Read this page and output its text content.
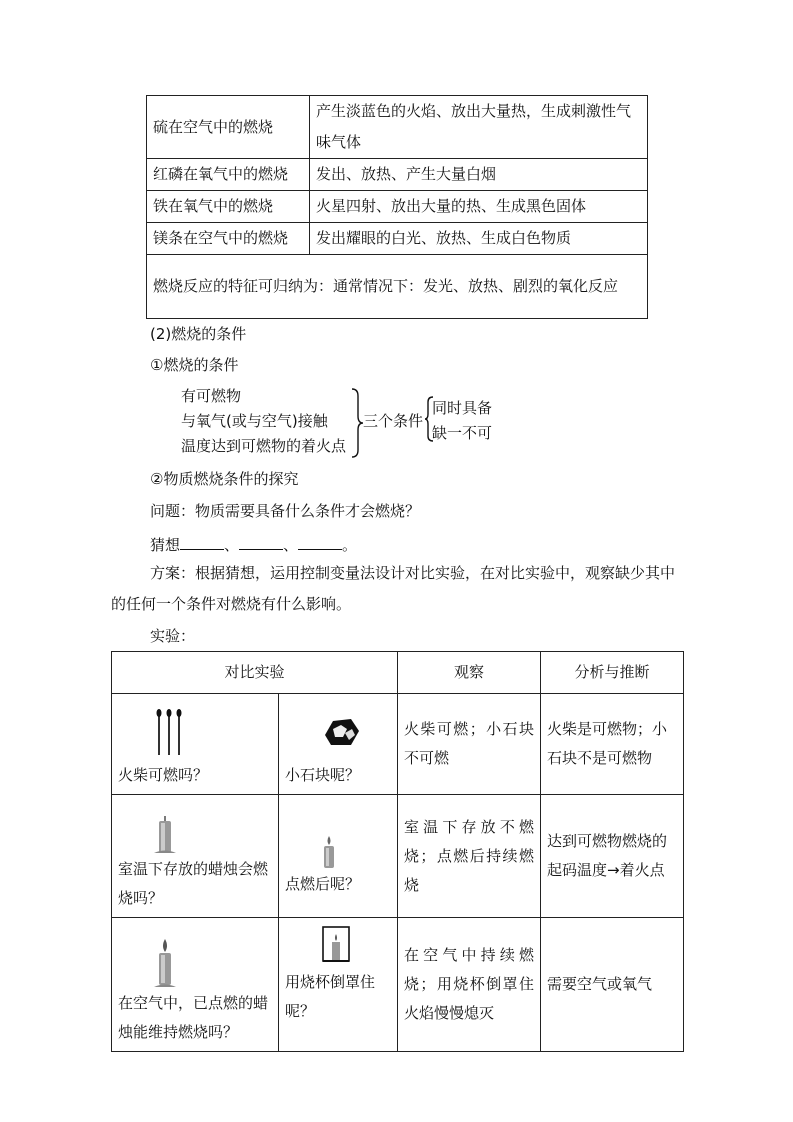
硫在空气中的燃烧	产生淡蓝色的火焰、放出大量热，生成刺激性气味气体
红磷在氧气中的燃烧	发出、放热、产生大量白烟
铁在氧气中的燃烧	火星四射、放出大量的热、生成黑色固体
镁条在空气中的燃烧	发出耀眼的白光、放热、生成白色物质
燃烧反应的特征可归纳为：通常情况下：发光、放热、剧烈的氧化反应	
(2)燃烧的条件
①燃烧的条件
有可燃物
与氧气(或与空气)接触
温度达到可燃物的着火点
三个条件
同时具备
缺一不可
②物质燃烧条件的探究
问题：物质需要具备什么条件才会燃烧？
猜想	、	、	。
方案：根据猜想，运用控制变量法设计对比实验，在对比实验中，观察缺少其中的任何一个条件对燃烧有什么影响。
实验：
对比实验		观察	分析与推断

火柴可燃吗？	小石块呢？	火柴可燃；小石块不可燃	火柴是可燃物；小石块不是可燃物

室温下存放的蜡烛会燃烧吗？	点燃后呢？	室温下存放不燃烧；点燃后持续燃烧	达到可燃物燃烧的起码温度→着火点

在空气中，已点燃的蜡烛能维持燃烧吗？	用烧杯倒罩住呢？	在空气中持续燃烧；用烧杯倒罩住火焰慢慢熄灭	需要空气或氧气
